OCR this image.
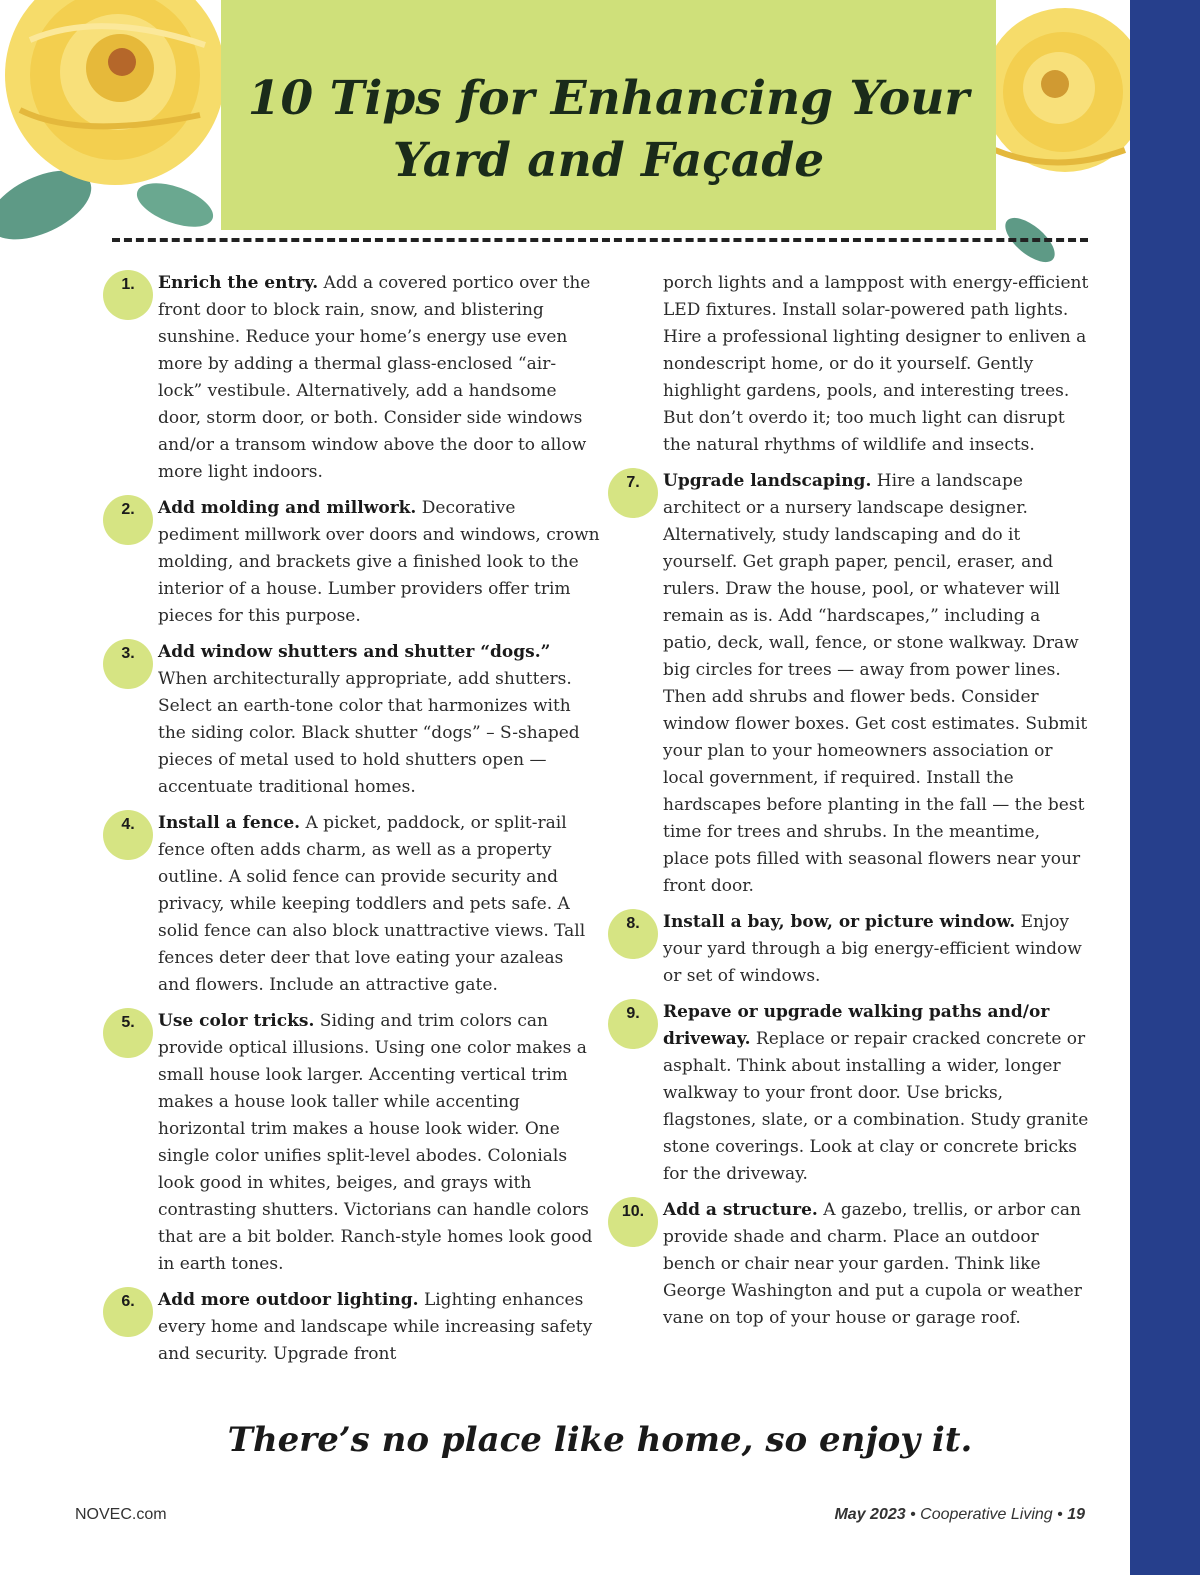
10 Tips for Enhancing Your
Yard and Façade
1.	Enrich the entry. Add a covered portico over the front door to block rain, snow, and blistering sunshine. Reduce your home’s energy use even more by adding a thermal glass-enclosed “air-lock” vestibule. Alternatively, add a handsome door, storm door, or both. Consider side windows and/or a transom window above the door to allow more light indoors.
2.	Add molding and millwork. Decorative pediment millwork over doors and windows, crown molding, and brackets give a finished look to the interior of a house. Lumber providers offer trim pieces for this purpose.
3.	Add window shutters and shutter “dogs.” When architecturally appropriate, add shutters. Select an earth-tone color that harmonizes with the siding color. Black shutter “dogs” – S-shaped pieces of metal used to hold shutters open — accentuate traditional homes.
4.	Install a fence. A picket, paddock, or split-rail fence often adds charm, as well as a property outline. A solid fence can provide security and privacy, while keeping toddlers and pets safe. A solid fence can also block unattractive views. Tall fences deter deer that love eating your azaleas and flowers. Include an attractive gate.
5.	Use color tricks. Siding and trim colors can provide optical illusions. Using one color makes a small house look larger. Accenting vertical trim makes a house look taller while accenting horizontal trim makes a house look wider. One single color unifies split-level abodes. Colonials look good in whites, beiges, and grays with contrasting shutters. Victorians can handle colors that are a bit bolder. Ranch-style homes look good in earth tones.
6.	Add more outdoor lighting. Lighting enhances every home and landscape while increasing safety and security. Upgrade front
porch lights and a lamppost with energy-efficient LED fixtures. Install solar-powered path lights. Hire a professional lighting designer to enliven a nondescript home, or do it yourself. Gently highlight gardens, pools, and interesting trees. But don’t overdo it; too much light can disrupt the natural rhythms of wildlife and insects.
7.	Upgrade landscaping. Hire a landscape architect or a nursery landscape designer. Alternatively, study landscaping and do it yourself. Get graph paper, pencil, eraser, and rulers. Draw the house, pool, or whatever will remain as is. Add “hardscapes,” including a patio, deck, wall, fence, or stone walkway. Draw big circles for trees — away from power lines. Then add shrubs and flower beds. Consider window flower boxes. Get cost estimates. Submit your plan to your homeowners association or local government, if required. Install the hardscapes before planting in the fall — the best time for trees and shrubs. In the meantime, place pots filled with seasonal flowers near your front door.
8.	Install a bay, bow, or picture window. Enjoy your yard through a big energy-efficient window or set of windows.
9.	Repave or upgrade walking paths and/or driveway. Replace or repair cracked concrete or asphalt. Think about installing a wider, longer walkway to your front door. Use bricks, flagstones, slate, or a combination. Study granite stone coverings. Look at clay or concrete bricks for the driveway.
10.	Add a structure. A gazebo, trellis, or arbor can provide shade and charm. Place an outdoor bench or chair near your garden. Think like George Washington and put a cupola or weather vane on top of your house or garage roof.
There’s no place like home, so enjoy it.
NOVEC.com	May 2023 • Cooperative Living • 19
